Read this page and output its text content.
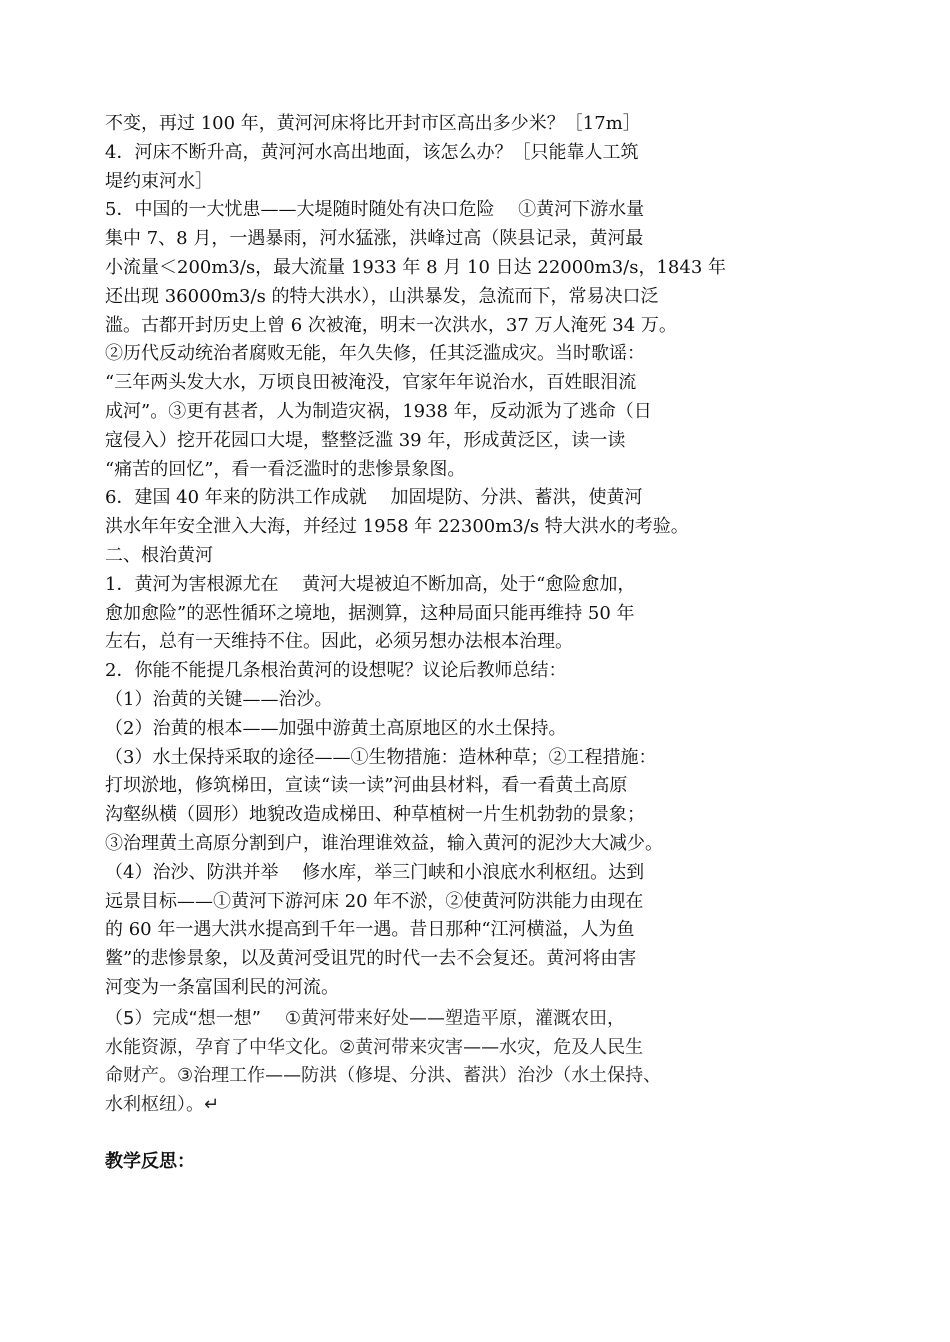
不变，再过 100 年，黄河河床将比开封市区高出多少米？［17m］
4．河床不断升高，黄河河水高出地面，该怎么办？［只能靠人工筑
堤约束河水］
5．中国的一大忧患——大堤随时随处有决口危险　 ①黄河下游水量
集中 7、8 月，一遇暴雨，河水猛涨，洪峰过高（陕县记录，黄河最
小流量＜200m3/s，最大流量 1933 年 8 月 10 日达 22000m3/s，1843 年
还出现 36000m3/s 的特大洪水），山洪暴发，急流而下，常易决口泛
滥。古都开封历史上曾 6 次被淹，明末一次洪水，37 万人淹死 34 万。
②历代反动统治者腐败无能，年久失修，任其泛滥成灾。当时歌谣：
“三年两头发大水，万顷良田被淹没，官家年年说治水，百姓眼泪流
成河”。③更有甚者，人为制造灾祸，1938 年，反动派为了逃命（日
寇侵入）挖开花园口大堤，整整泛滥 39 年，形成黄泛区，读一读
“痛苦的回忆”，看一看泛滥时的悲惨景象图。
6．建国 40 年来的防洪工作成就　 加固堤防、分洪、蓄洪，使黄河
洪水年年安全泄入大海，并经过 1958 年 22300m3/s 特大洪水的考验。
二、根治黄河
1．黄河为害根源尤在　 黄河大堤被迫不断加高，处于“愈险愈加，
愈加愈险”的恶性循环之境地，据测算，这种局面只能再维持 50 年
左右，总有一天维持不住。因此，必须另想办法根本治理。
2．你能不能提几条根治黄河的设想呢？议论后教师总结：
（1）治黄的关键——治沙。
（2）治黄的根本——加强中游黄土高原地区的水土保持。
（3）水土保持采取的途径——①生物措施：造林种草；②工程措施：
打坝淤地，修筑梯田，宣读“读一读”河曲县材料，看一看黄土高原
沟壑纵横（圆形）地貌改造成梯田、种草植树一片生机勃勃的景象；
③治理黄土高原分割到户，谁治理谁效益，输入黄河的泥沙大大减少。
（4）治沙、防洪并举　 修水库，举三门峡和小浪底水利枢纽。达到
远景目标——①黄河下游河床 20 年不淤，②使黄河防洪能力由现在
的 60 年一遇大洪水提高到千年一遇。昔日那种“江河横溢，人为鱼
鳖”的悲惨景象，以及黄河受诅咒的时代一去不会复还。黄河将由害
河变为一条富国利民的河流。
（5）完成“想一想”　 ①黄河带来好处——塑造平原，灌溉农田，
水能资源，孕育了中华文化。②黄河带来灾害——水灾，危及人民生
命财产。③治理工作——防洪（修堤、分洪、蓄洪）治沙（水土保持、
水利枢纽）。↵
教学反思：
